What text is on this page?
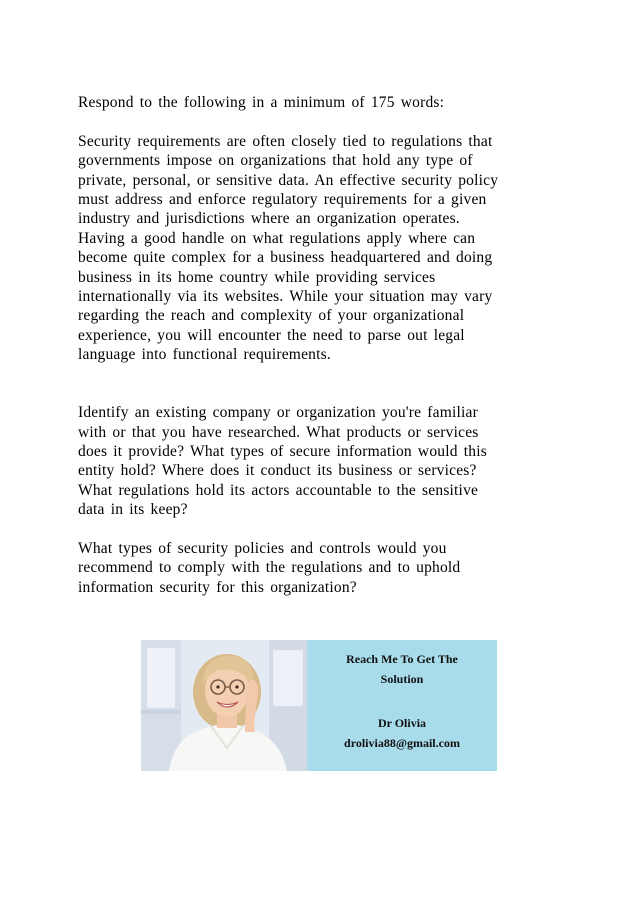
Respond to the following in a minimum of 175 words:
Security requirements are often closely tied to regulations that
governments impose on organizations that hold any type of
private, personal, or sensitive data. An effective security policy
must address and enforce regulatory requirements for a given
industry and jurisdictions where an organization operates.
Having a good handle on what regulations apply where can
become quite complex for a business headquartered and doing
business in its home country while providing services
internationally via its websites. While your situation may vary
regarding the reach and complexity of your organizational
experience, you will encounter the need to parse out legal
language into functional requirements.
Identify an existing company or organization you're familiar
with or that you have researched. What products or services
does it provide? What types of secure information would this
entity hold? Where does it conduct its business or services?
What regulations hold its actors accountable to the sensitive
data in its keep?
What types of security policies and controls would you
recommend to comply with the regulations and to uphold
information security for this organization?
Reach Me To Get The
Solution
Dr Olivia
drolivia88@gmail.com
